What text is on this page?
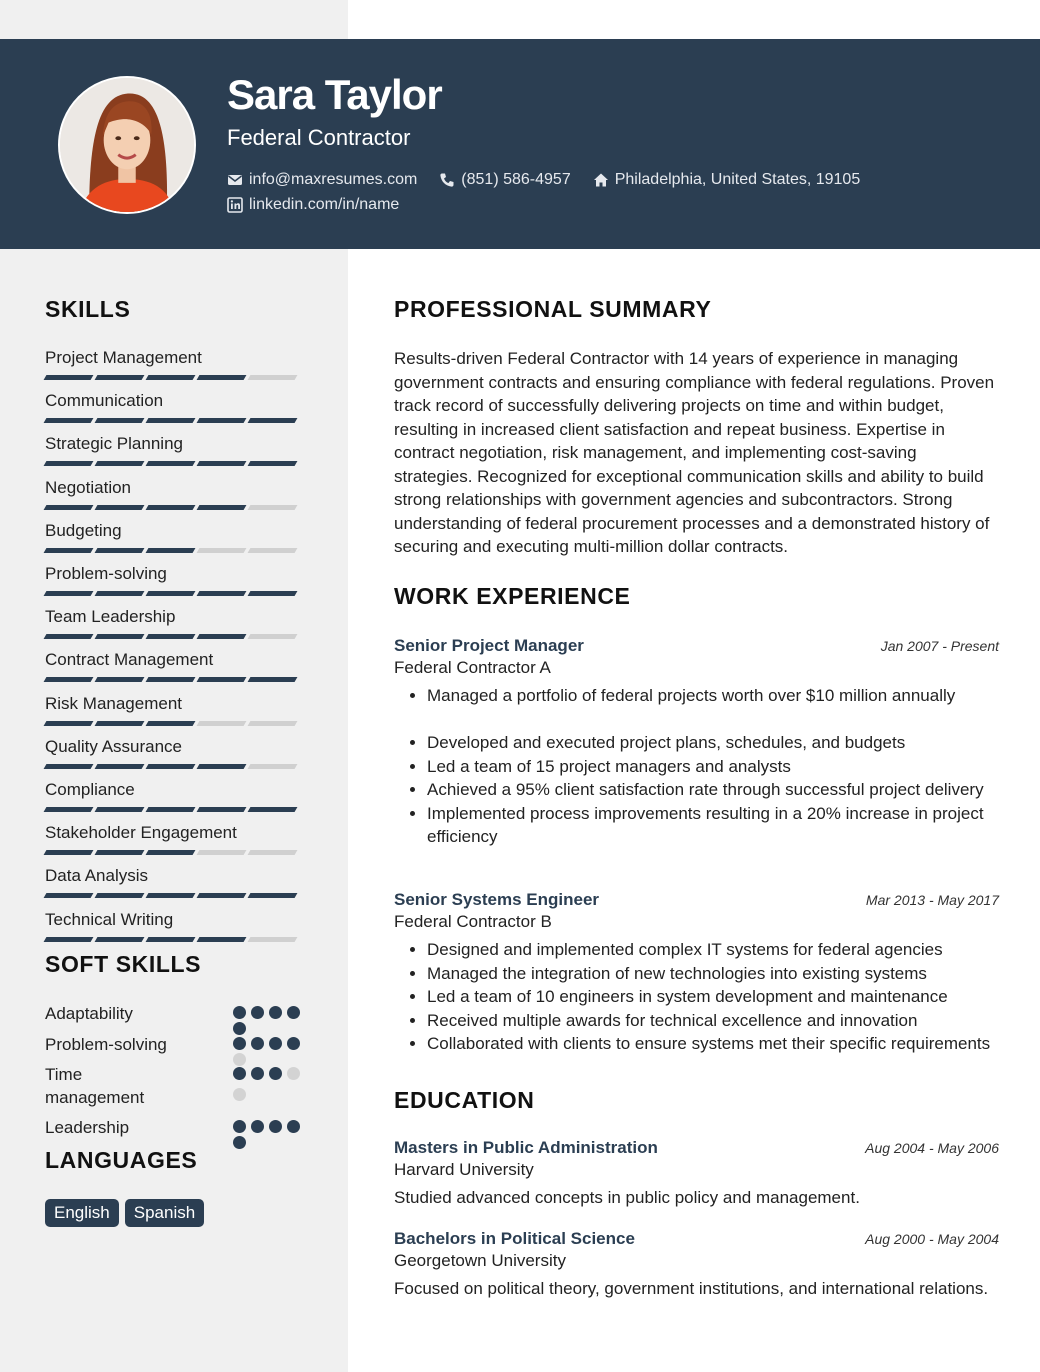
Sara Taylor
Federal Contractor
info@maxresumes.com	(851) 586-4957	Philadelphia, United States, 19105
linkedin.com/in/name
SKILLS
Project Management
Communication
Strategic Planning
Negotiation
Budgeting
Problem-solving
Team Leadership
Contract Management
Risk Management
Quality Assurance
Compliance
Stakeholder Engagement
Data Analysis
Technical Writing
SOFT SKILLS
Adaptability
Problem-solving
Time management
Leadership
LANGUAGES
English	Spanish
PROFESSIONAL SUMMARY
Results-driven Federal Contractor with 14 years of experience in managing government contracts and ensuring compliance with federal regulations. Proven track record of successfully delivering projects on time and within budget, resulting in increased client satisfaction and repeat business. Expertise in contract negotiation, risk management, and implementing cost-saving strategies. Recognized for exceptional communication skills and ability to build strong relationships with government agencies and subcontractors. Strong understanding of federal procurement processes and a demonstrated history of securing and executing multi-million dollar contracts.
WORK EXPERIENCE
Senior Project Manager	Jan 2007 - Present
Federal Contractor A
• Managed a portfolio of federal projects worth over $10 million annually
• Developed and executed project plans, schedules, and budgets
• Led a team of 15 project managers and analysts
• Achieved a 95% client satisfaction rate through successful project delivery
• Implemented process improvements resulting in a 20% increase in project efficiency
Senior Systems Engineer	Mar 2013 - May 2017
Federal Contractor B
• Designed and implemented complex IT systems for federal agencies
• Managed the integration of new technologies into existing systems
• Led a team of 10 engineers in system development and maintenance
• Received multiple awards for technical excellence and innovation
• Collaborated with clients to ensure systems met their specific requirements
EDUCATION
Masters in Public Administration	Aug 2004 - May 2006
Harvard University
Studied advanced concepts in public policy and management.
Bachelors in Political Science	Aug 2000 - May 2004
Georgetown University
Focused on political theory, government institutions, and international relations.
